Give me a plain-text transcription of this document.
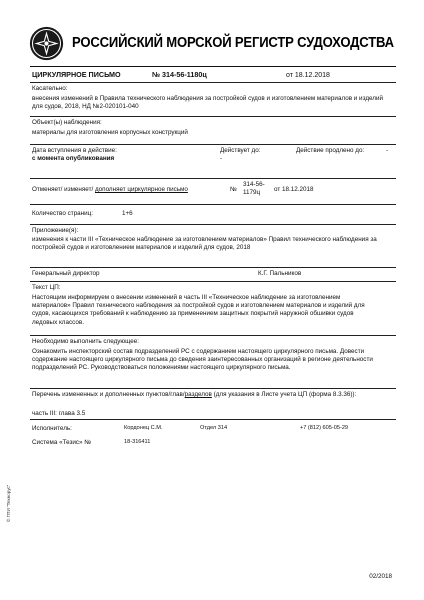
РОССИЙСКИЙ МОРСКОЙ РЕГИСТР СУДОХОДСТВА
ЦИРКУЛЯРНОЕ ПИСЬМО	№ 314-56-1180ц	от 18.12.2018
Касательно:
внесения изменений в Правила технического наблюдения за постройкой судов и изготовлением материалов и изделий для судов, 2018, НД №2-020101-040
Объект(ы) наблюдения:
материалы для изготовления корпусных конструкций
Дата вступления в действие:
с момента опубликования
Действует до:
-
Действие продлено до:	-
Отменяет/ изменяет/ дополняет циркулярное письмо	№
314-56-1179ц	от 18.12.2018
Количество страниц:	1+6
Приложение(я):
изменения к части III «Техническое наблюдение за изготовлением материалов» Правил технического наблюдения за постройкой судов и изготовлением материалов и изделий для судов, 2018
Генеральный директор	К.Г. Пальников
Текст ЦП:
Настоящим информируем о внесении изменений в часть III «Техническое наблюдение за изготовлением материалов» Правил технического наблюдения за постройкой судов и изготовлением материалов и изделий для судов, касающихся требований к наблюдению за применением защитных покрытий наружной обшивки судов ледовых классов.
Необходимо выполнить следующее:
Ознакомить инспекторский состав подразделений РС с содержанием настоящего циркулярного письма. Довести содержание настоящего циркулярного письма до сведения заинтересованных организаций в регионе деятельности подразделений РС. Руководствоваться положениями настоящего циркулярного письма.
Перечень измененных и дополненных пунктов/глав/разделов (для указания в Листе учета ЦП (форма 8.3.36)):
часть III: глава 3.5
Исполнитель:	Кордонец С.М.	Отдел 314	+7 (812) 605-05-29
Система «Тезис» №	18-316411
© ПТИ "Технорус"
02/2018
